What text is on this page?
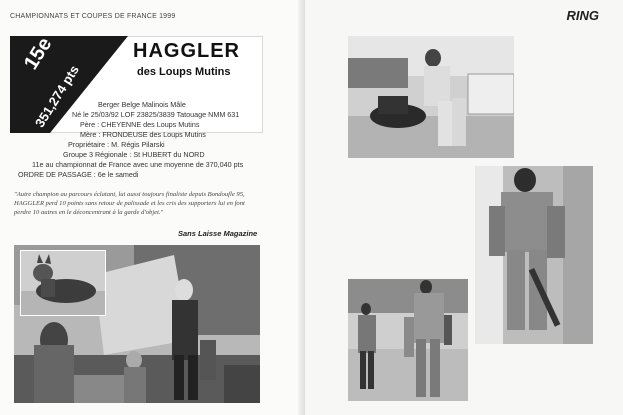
CHAMPIONNATS ET COUPES DE FRANCE 1999
15e
351,274 pts
HAGGLER
des Loups Mutins
Berger Belge Malinois Mâle
Né le 25/03/92 LOF 23825/3839 Tatouage NMM 631
Père : CHEYENNE des Loups Mutins
Mère : FRONDEUSE des Loups Mutins
Propriétaire : M. Régis Pilarski
Groupe 3 Régionale : St HUBERT du NORD
11e au championnat de France avec une moyenne de 370,040 pts
ORDRE DE PASSAGE : 6e le samedi
"Autre champion au parcours éclatant, lui aussi toujours finaliste depuis Bondoufle 95, HAGGLER perd 10 points sans retour de palissade et les cris des supporters lui en font perdre 10 autres en le déconcentrant à la garde d'objet."
Sans Laisse Magazine
RING
